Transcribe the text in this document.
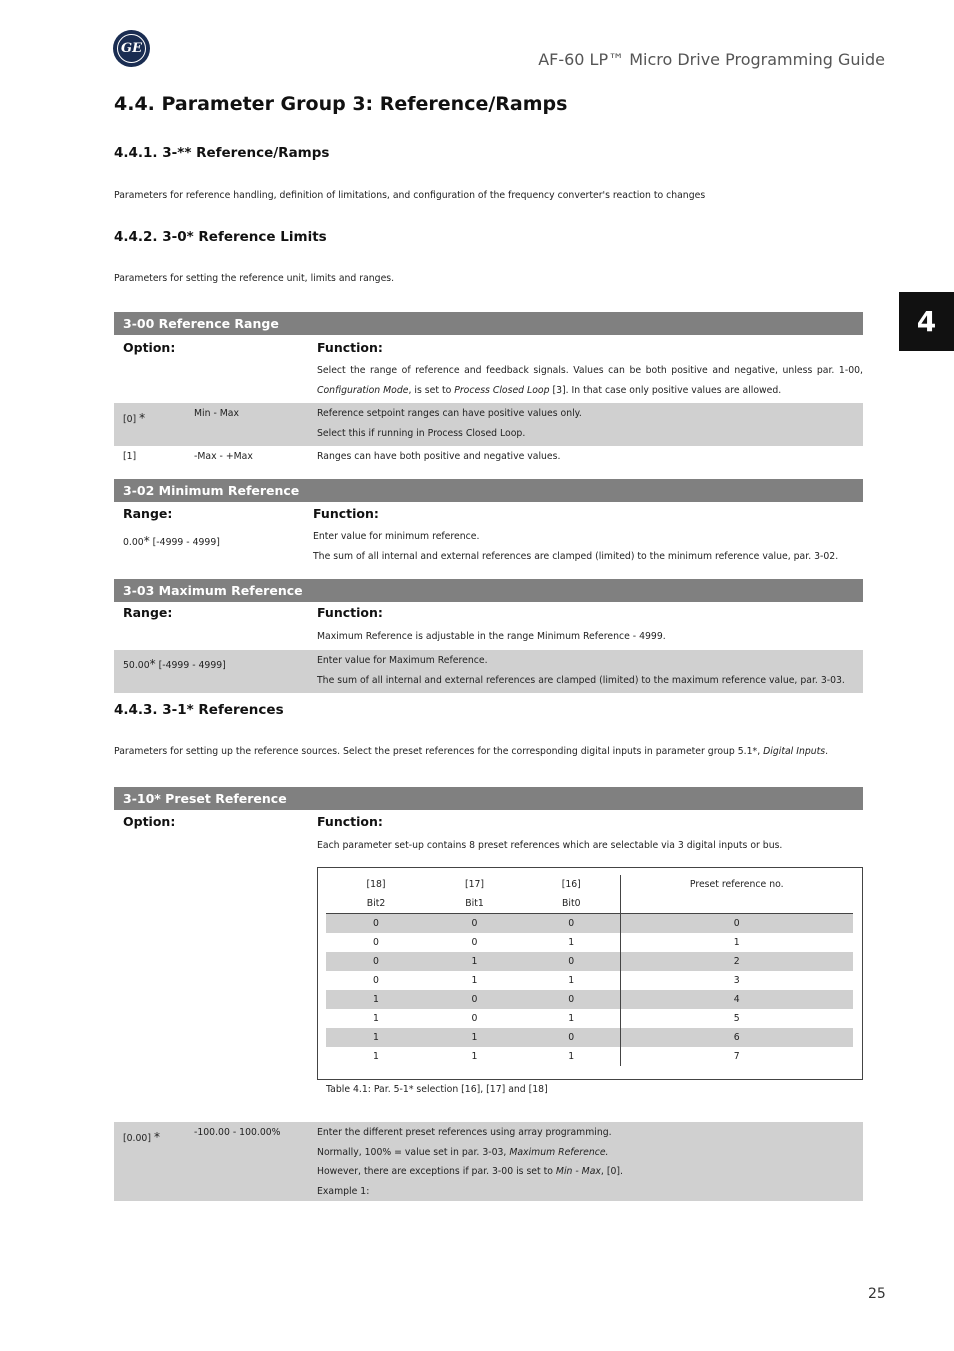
GE
AF-60 LP™ Micro Drive Programming Guide
4
4.4. Parameter Group 3: Reference/Ramps
4.4.1. 3-** Reference/Ramps
Parameters for reference handling, definition of limitations, and configuration of the frequency converter's reaction to changes
4.4.2. 3-0* Reference Limits
Parameters for setting the reference unit, limits and ranges.
3-00 Reference Range
Option:	Function:
Select the range of reference and feedback signals. Values can be both positive and negative, unless par. 1-00, Configuration Mode, is set to Process Closed Loop [3]. In that case only positive values are allowed.
[0] *	Min - Max	Reference setpoint ranges can have positive values only.
Select this if running in Process Closed Loop.
[1]	-Max - +Max	Ranges can have both positive and negative values.
3-02 Minimum Reference
Range:	Function:
0.00* [-4999 - 4999]
Enter value for minimum reference.
The sum of all internal and external references are clamped (limited) to the minimum reference value, par. 3-02.
3-03 Maximum Reference
Range:	Function:
Maximum Reference is adjustable in the range Minimum Reference - 4999.
50.00* [-4999 - 4999]	Enter value for Maximum Reference.
The sum of all internal and external references are clamped (limited) to the maximum reference value, par. 3-03.
4.4.3. 3-1* References
Parameters for setting up the reference sources. Select the preset references for the corresponding digital inputs in parameter group 5.1*, Digital Inputs.
3-10* Preset Reference
Option:	Function:
Each parameter set-up contains 8 preset references which are selectable via 3 digital inputs or bus.
[18]	[17]	[16]	Preset reference no.
Bit2	Bit1	Bit0	
0	0	0	0
0	0	1	1
0	1	0	2
0	1	1	3
1	0	0	4
1	0	1	5
1	1	0	6
1	1	1	7
Table 4.1: Par. 5-1* selection [16], [17] and [18]
[0.00] *	-100.00 - 100.00%	Enter the different preset references using array programming.
Normally, 100% = value set in par. 3-03, Maximum Reference.
However, there are exceptions if par. 3-00 is set to Min - Max, [0].
Example 1:
25
